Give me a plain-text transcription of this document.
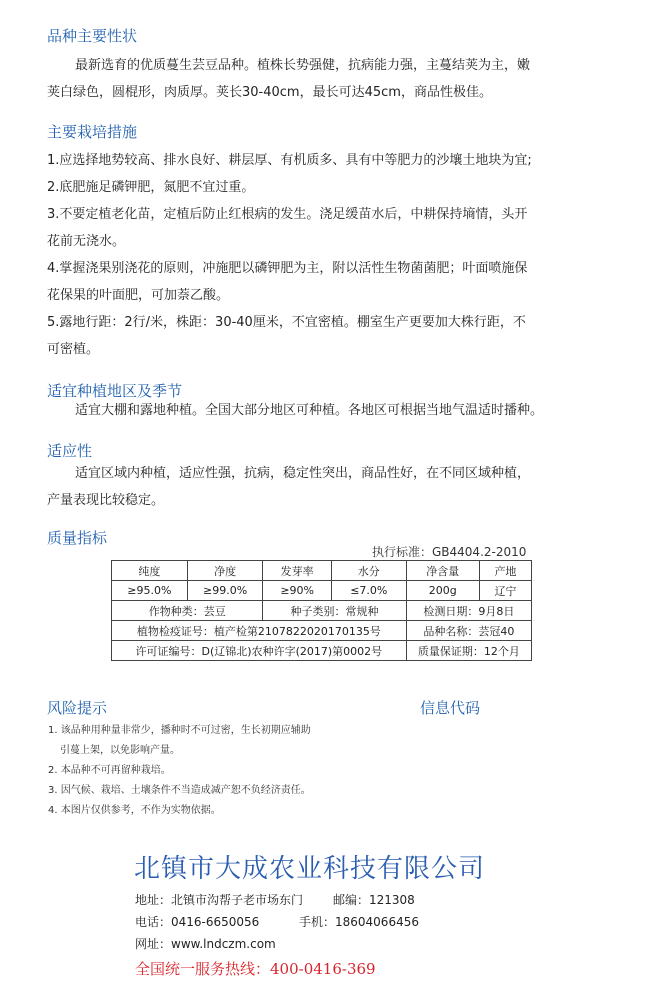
品种主要性状
最新选育的优质蔓生芸豆品种。植株长势强健，抗病能力强，主蔓结荚为主，嫩
荚白绿色，圆棍形，肉质厚。荚长30-40cm，最长可达45cm，商品性极佳。
主要栽培措施
1.应选择地势较高、排水良好、耕层厚、有机质多、具有中等肥力的沙壤土地块为宜;
2.底肥施足磷钾肥，氮肥不宜过重。
3.不要定植老化苗，定植后防止红根病的发生。浇足缓苗水后，中耕保持墒情，头开
花前无浇水。
4.掌握浇果别浇花的原则，冲施肥以磷钾肥为主，附以活性生物菌菌肥；叶面喷施保
花保果的叶面肥，可加萘乙酸。
5.露地行距：2行/米，株距：30-40厘米，不宜密植。棚室生产更要加大株行距，不
可密植。
适宜种植地区及季节
适宜大棚和露地种植。全国大部分地区可种植。各地区可根据当地气温适时播种。
适应性
适宜区域内种植，适应性强，抗病，稳定性突出，商品性好，在不同区域种植，
产量表现比较稳定。
质量指标
执行标准：GB4404.2-2010
纯度	净度	发芽率	水分	净含量	产地
≥95.0%	≥99.0%	≥90%	≤7.0%	200g	辽宁
作物种类：芸豆		种子类别：常规种		检测日期：9月8日	
植物检疫证号：植产检第2107822020170135号				品种名称：芸冠40	
许可证编号：D(辽锦北)农种许字(2017)第0002号				质量保证期：12个月	
风险提示	信息代码
1. 该品种用种量非常少，播种时不可过密，生长初期应辅助
引蔓上架，以免影响产量。
2. 本品种不可再留种栽培。
3. 因气候、栽培、土壤条件不当造成减产恕不负经济责任。
4. 本图片仅供参考，不作为实物依据。
北镇市大成农业科技有限公司
地址：北镇市沟帮子老市场东门 邮编：121308
电话：0416-6650056	手机：18604066456
网址：www.lndczm.com
全国统一服务热线：400-0416-369
